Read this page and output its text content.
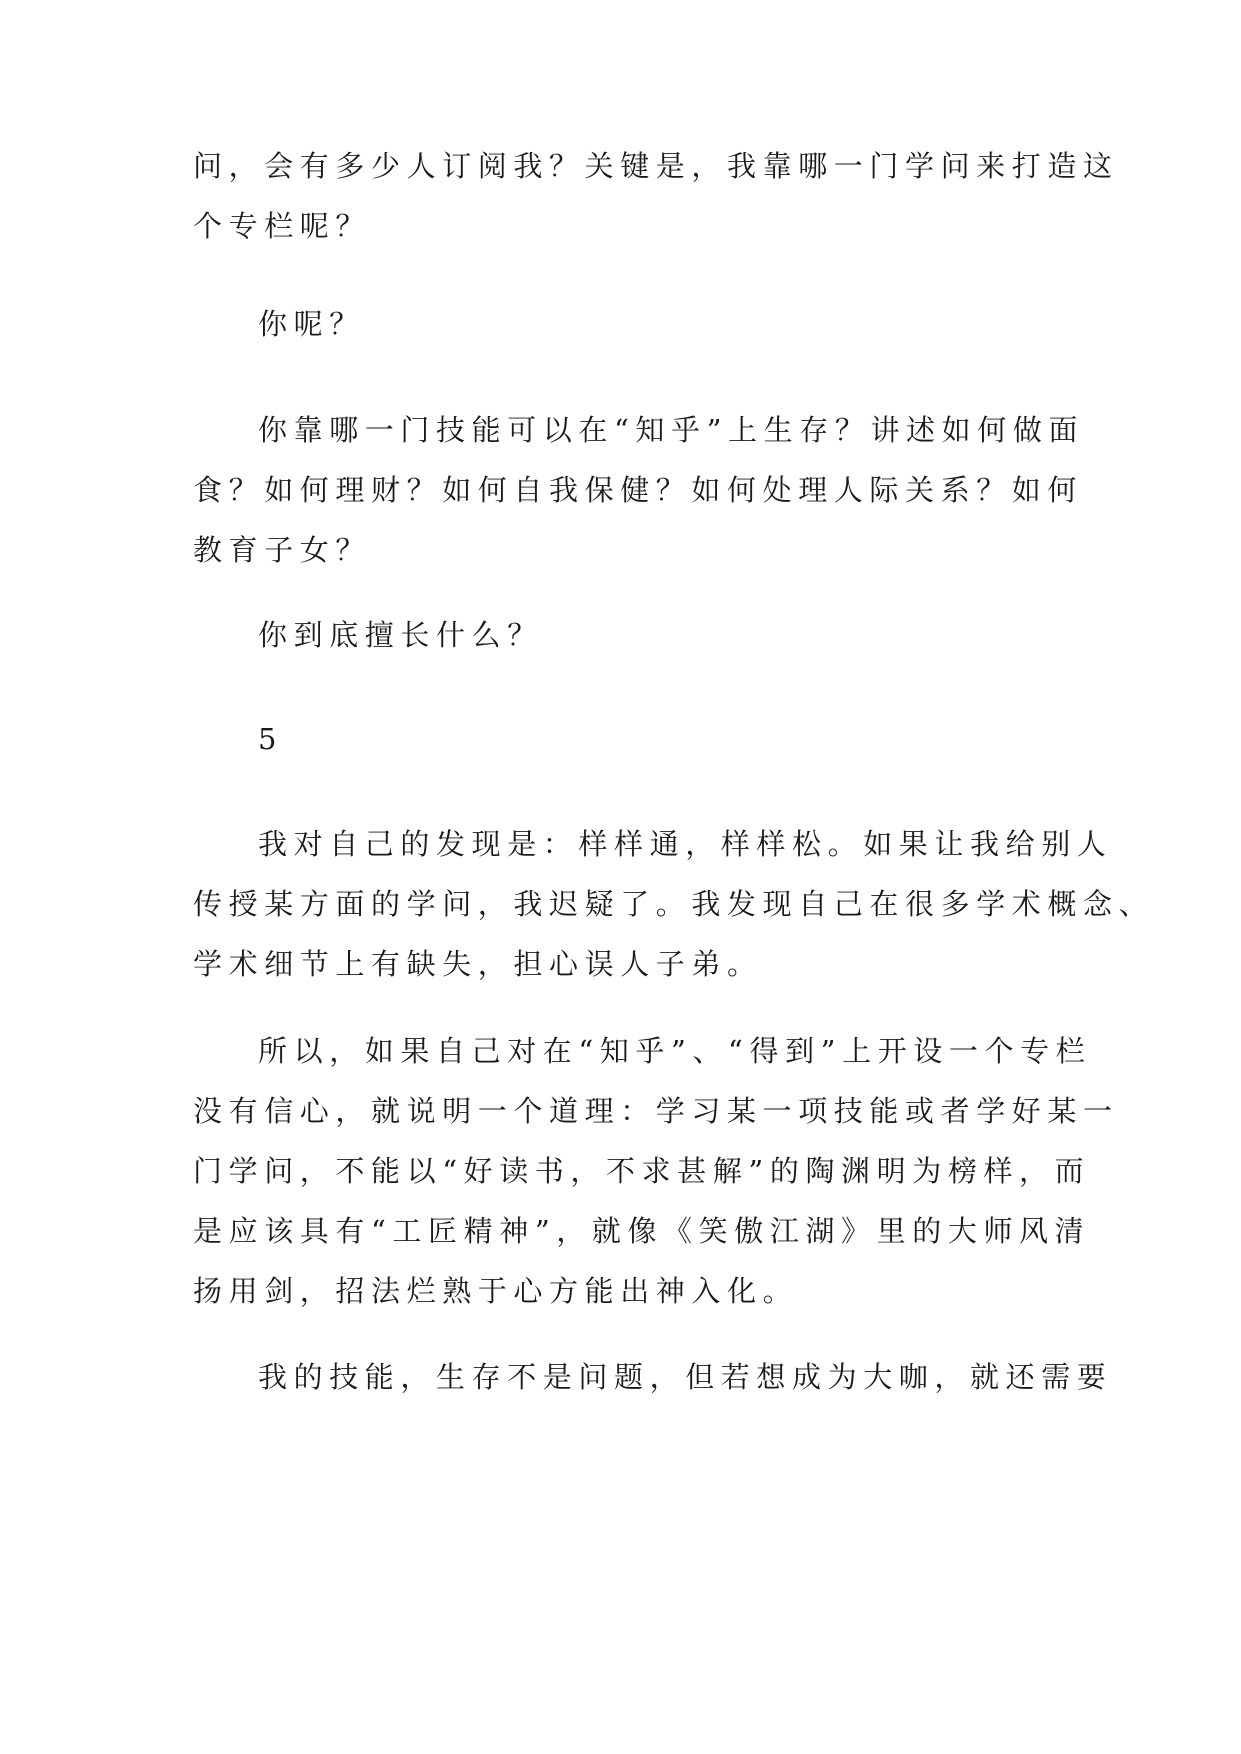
问，会有多少人订阅我？关键是，我靠哪一门学问来打造这
个专栏呢？

你呢？

你靠哪一门技能可以在“知乎”上生存？讲述如何做面
食？如何理财？如何自我保健？如何处理人际关系？如何
教育子女？

你到底擅长什么？

5

我对自己的发现是：样样通，样样松。如果让我给别人
传授某方面的学问，我迟疑了。我发现自己在很多学术概念、
学术细节上有缺失，担心误人子弟。

所以，如果自己对在“知乎”、“得到”上开设一个专栏
没有信心，就说明一个道理：学习某一项技能或者学好某一
门学问，不能以“好读书，不求甚解”的陶渊明为榜样，而
是应该具有“工匠精神”，就像《笑傲江湖》里的大师风清
扬用剑，招法烂熟于心方能出神入化。

我的技能，生存不是问题，但若想成为大咖，就还需要
